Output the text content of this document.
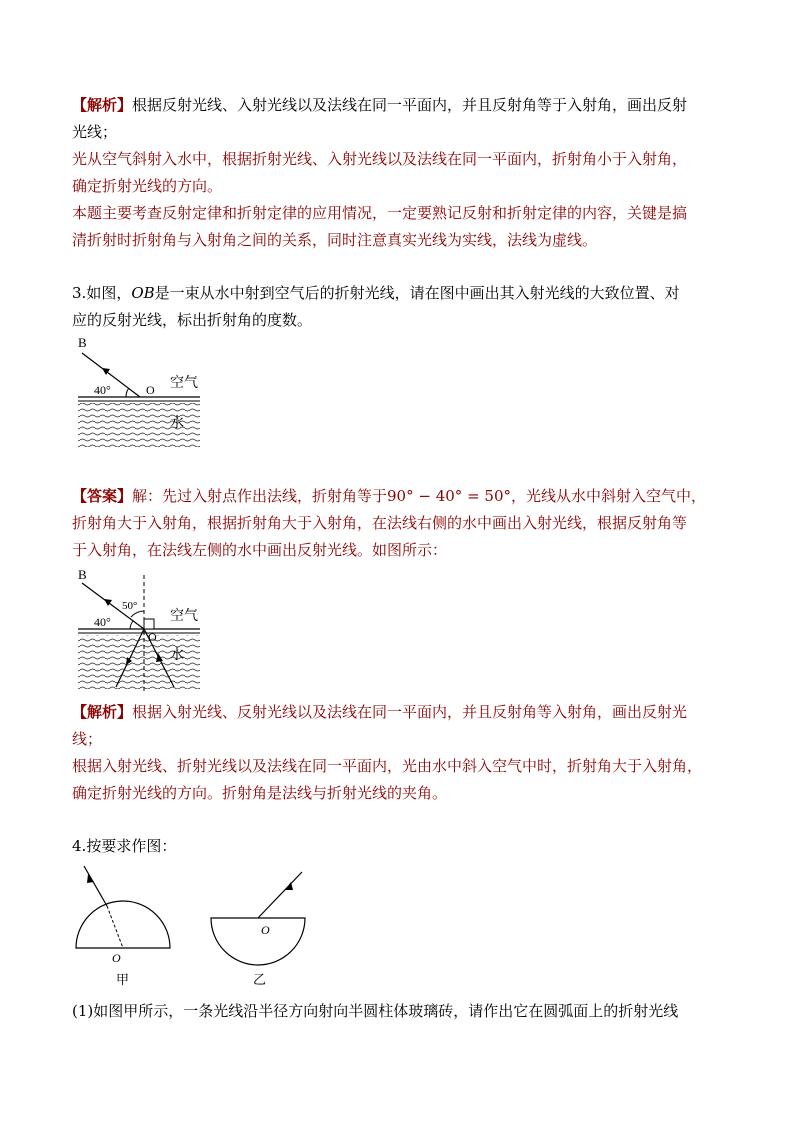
【解析】根据反射光线、入射光线以及法线在同一平面内，并且反射角等于入射角，画出反射
光线；
光从空气斜射入水中，根据折射光线、入射光线以及法线在同一平面内，折射角小于入射角，
确定折射光线的方向。
本题主要考查反射定律和折射定律的应用情况，一定要熟记反射和折射定律的内容，关键是搞
清折射时折射角与入射角之间的关系，同时注意真实光线为实线，法线为虚线。
3.如图，OB是一束从水中射到空气后的折射光线，请在图中画出其入射光线的大致位置、对
应的反射光线，标出折射角的度数。
B
40°	O 空气
水
【答案】解：先过入射点作出法线，折射角等于90° − 40° = 50°，光线从水中斜射入空气中，
折射角大于入射角，根据折射角大于入射角，在法线右侧的水中画出入射光线，根据反射角等
于入射角，在法线左侧的水中画出反射光线。如图所示：
B
50°
40°
O
空气
水
【解析】根据入射光线、反射光线以及法线在同一平面内，并且反射角等入射角，画出反射光
线；
根据入射光线、折射光线以及法线在同一平面内，光由水中斜入空气中时，折射角大于入射角，
确定折射光线的方向。折射角是法线与折射光线的夹角。
4.按要求作图：
O
甲
O
乙
(1)如图甲所示，一条光线沿半径方向射向半圆柱体玻璃砖，请作出它在圆弧面上的折射光线
